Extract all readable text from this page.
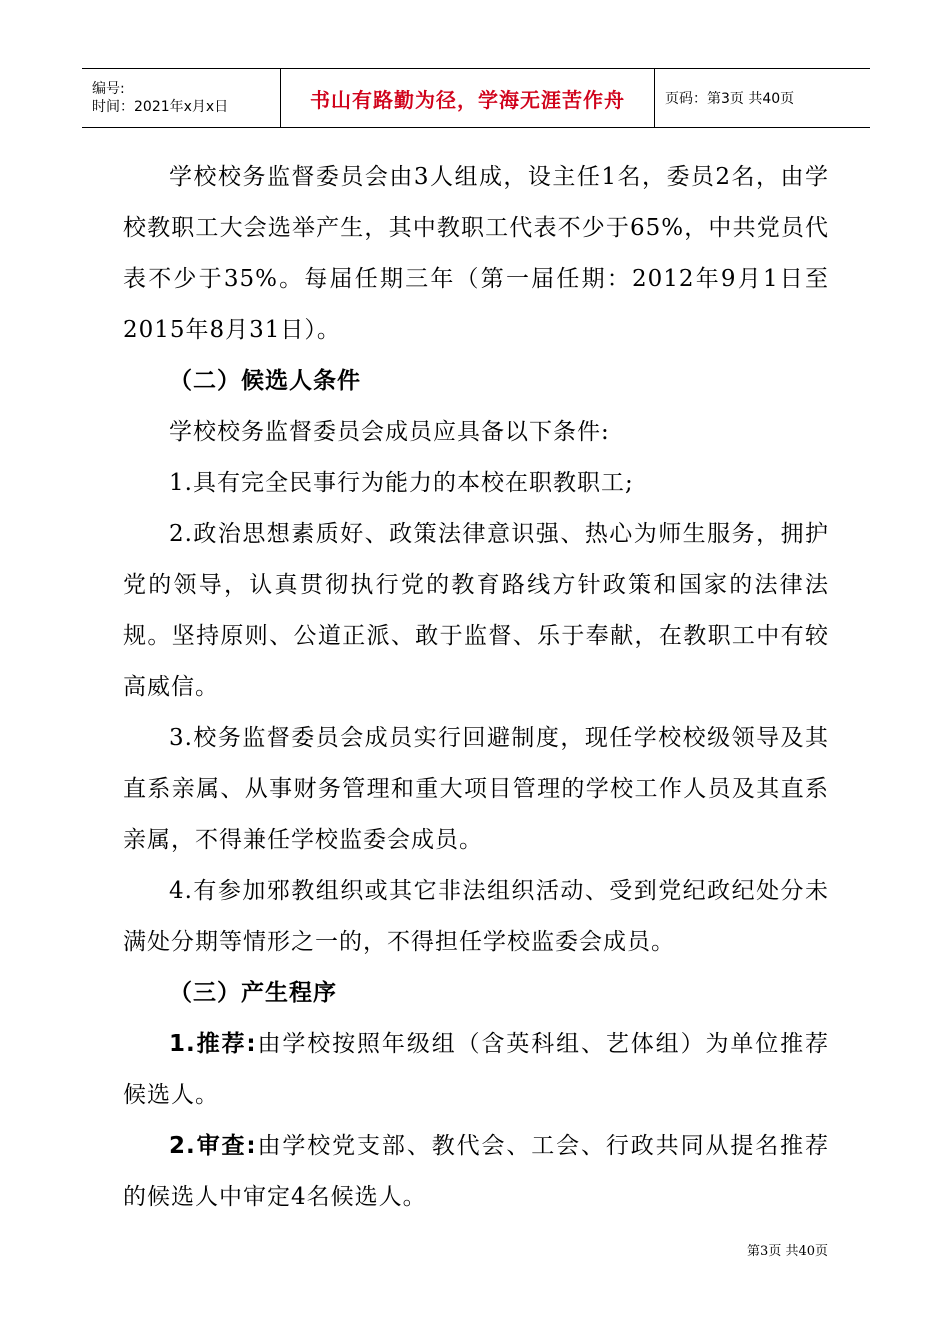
编号:
时间：2021年x月x日	书山有路勤为径，学海无涯苦作舟	页码：第3页 共40页

学校校务监督委员会由3人组成，设主任1名，委员2名，由学校教职工大会选举产生，其中教职工代表不少于65%，中共党员代表不少于35%。每届任期三年（第一届任期：2012年9月1日至2015年8月31日）。

（二）候选人条件

学校校务监督委员会成员应具备以下条件:

1.具有完全民事行为能力的本校在职教职工;

2.政治思想素质好、政策法律意识强、热心为师生服务，拥护党的领导，认真贯彻执行党的教育路线方针政策和国家的法律法规。坚持原则、公道正派、敢于监督、乐于奉献，在教职工中有较高威信。

3.校务监督委员会成员实行回避制度，现任学校校级领导及其直系亲属、从事财务管理和重大项目管理的学校工作人员及其直系亲属，不得兼任学校监委会成员。

4.有参加邪教组织或其它非法组织活动、受到党纪政纪处分未满处分期等情形之一的，不得担任学校监委会成员。

（三）产生程序

1.推荐:由学校按照年级组（含英科组、艺体组）为单位推荐候选人。

2.审查:由学校党支部、教代会、工会、行政共同从提名推荐的候选人中审定4名候选人。

第3页 共40页
